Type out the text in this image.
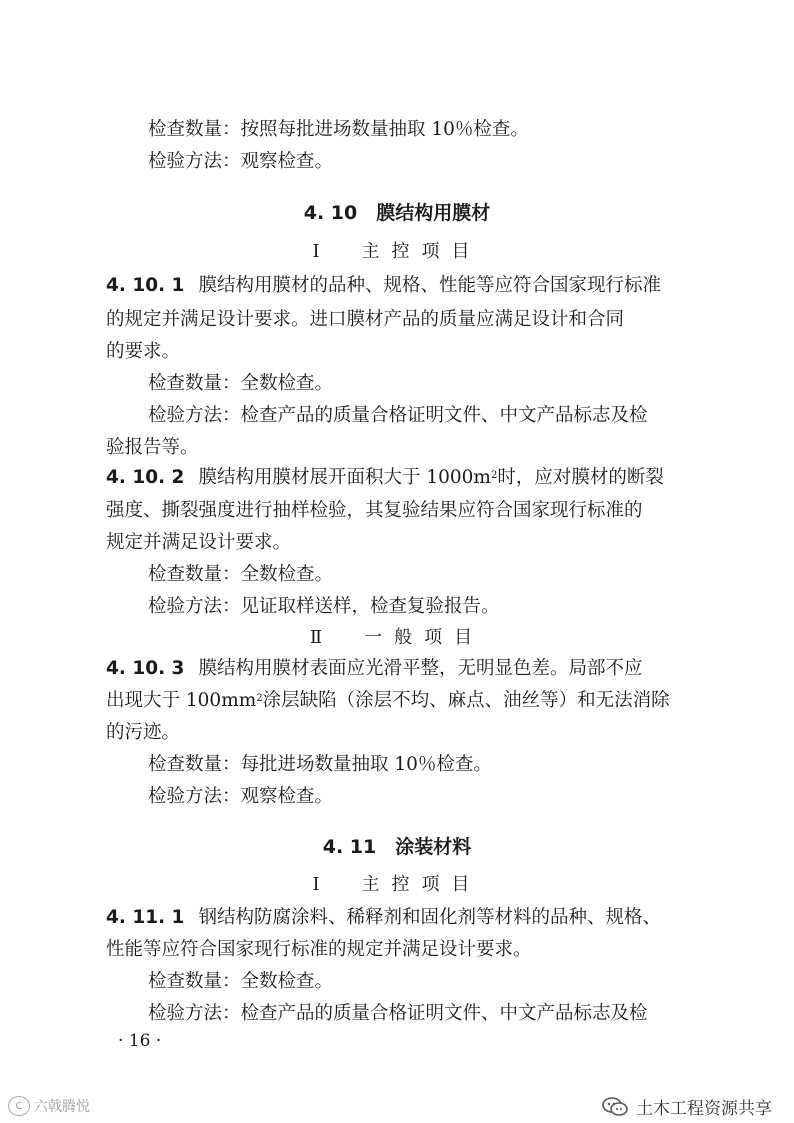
检查数量：按照每批进场数量抽取 10％检查。
检验方法：观察检查。
4. 10　膜结构用膜材
Ⅰ　主控项目
4. 10. 1 膜结构用膜材的品种、规格、性能等应符合国家现行标准
的规定并满足设计要求。进口膜材产品的质量应满足设计和合同
的要求。
检查数量：全数检查。
检验方法：检查产品的质量合格证明文件、中文产品标志及检
验报告等。
4. 10. 2 膜结构用膜材展开面积大于 $1000m^2$时，应对膜材的断裂
强度、撕裂强度进行抽样检验，其复验结果应符合国家现行标准的
规定并满足设计要求。
检查数量：全数检查。
检验方法：见证取样送样，检查复验报告。
Ⅱ　一般项目
4. 10. 3 膜结构用膜材表面应光滑平整，无明显色差。局部不应
出现大于 $100mm^2$涂层缺陷（涂层不均、麻点、油丝等）和无法消除
的污迹。
检查数量：每批进场数量抽取 10％检查。
检验方法：观察检查。
4. 11　涂装材料
Ⅰ　主控项目
4. 11. 1 钢结构防腐涂料、稀释剂和固化剂等材料的品种、规格、
性能等应符合国家现行标准的规定并满足设计要求。
检查数量：全数检查。
检验方法：检查产品的质量合格证明文件、中文产品标志及检
· 16 ·
C 六戟腾悦	土木工程资源共享
